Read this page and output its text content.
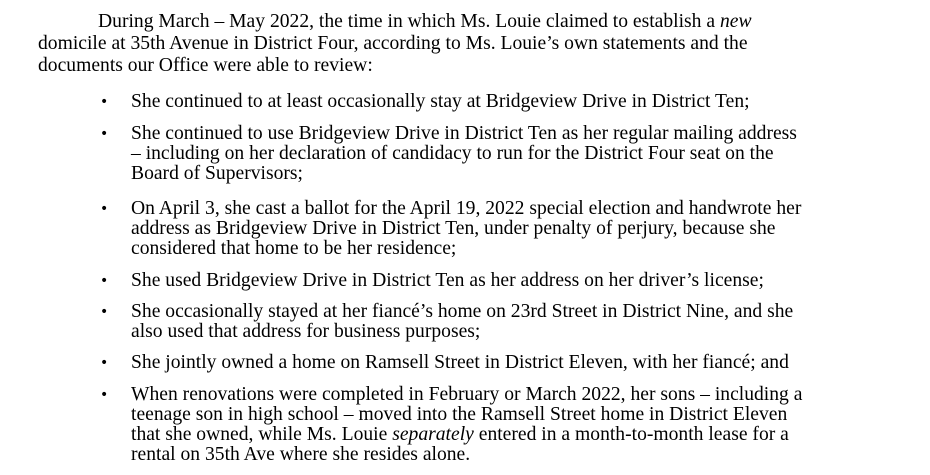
During March – May 2022, the time in which Ms. Louie claimed to establish a new
domicile at 35th Avenue in District Four, according to Ms. Louie’s own statements and the
documents our Office were able to review:

• She continued to at least occasionally stay at Bridgeview Drive in District Ten;
• She continued to use Bridgeview Drive in District Ten as her regular mailing address
– including on her declaration of candidacy to run for the District Four seat on the
Board of Supervisors;
• On April 3, she cast a ballot for the April 19, 2022 special election and handwrote her
address as Bridgeview Drive in District Ten, under penalty of perjury, because she
considered that home to be her residence;
• She used Bridgeview Drive in District Ten as her address on her driver’s license;
• She occasionally stayed at her fiancé’s home on 23rd Street in District Nine, and she
also used that address for business purposes;
• She jointly owned a home on Ramsell Street in District Eleven, with her fiancé; and
• When renovations were completed in February or March 2022, her sons – including a
teenage son in high school – moved into the Ramsell Street home in District Eleven
that she owned, while Ms. Louie separately entered in a month-to-month lease for a
rental on 35th Ave where she resides alone.
